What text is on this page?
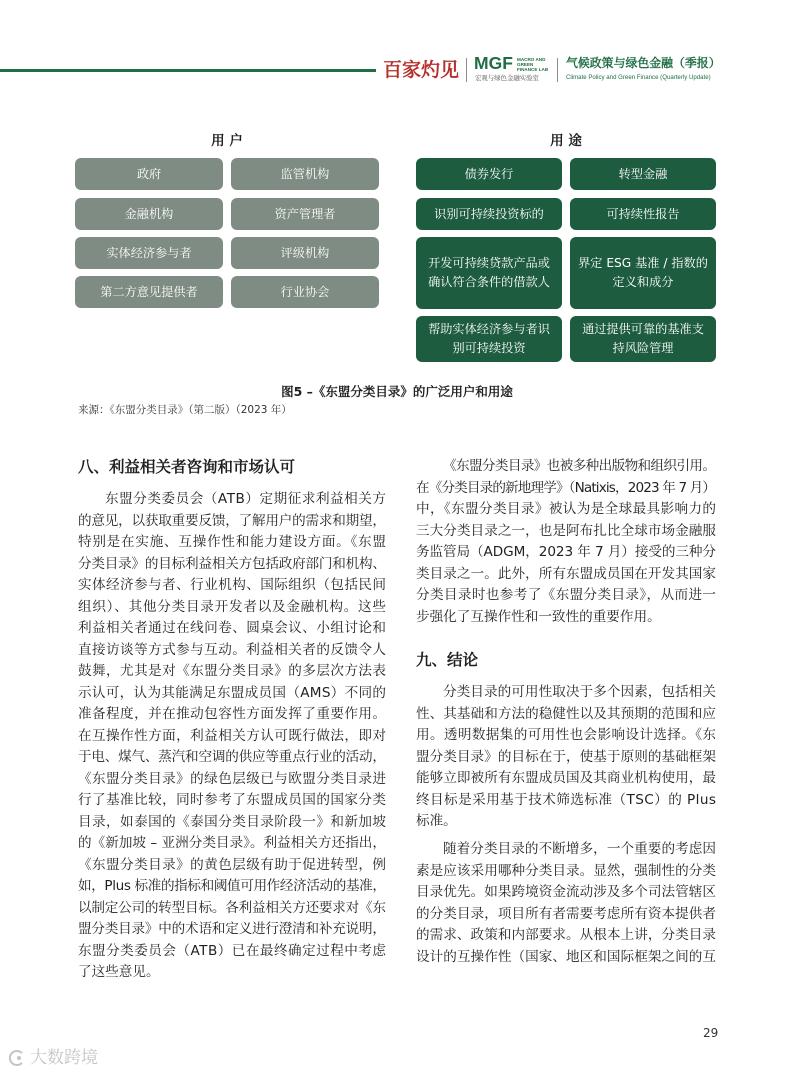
百家灼见 MGF MACRO AND
GREEN
FINANCE LAB
宏观与绿色金融实验室
气候政策与绿色金融（季报）
Climate Policy and Green Finance (Quarterly Update)
用 户	用 途
政府	监管机构
金融机构	资产管理者
实体经济参与者	评级机构
第二方意见提供者	行业协会
债券发行	转型金融
识别可持续投资标的	可持续性报告
开发可持续贷款产品或
确认符合条件的借款人
界定 ESG 基准 / 指数的
定义和成分
帮助实体经济参与者识
别可持续投资
通过提供可靠的基准支
持风险管理
图5 –《东盟分类目录》的广泛用户和用途
来源：《东盟分类目录》（第二版）（2023 年）
八、利益相关者咨询和市场认可
东盟分类委员会（ATB）定期征求利益相关方
的意见，以获取重要反馈，了解用户的需求和期望，
特别是在实施、互操作性和能力建设方面。《东盟
分类目录》的目标利益相关方包括政府部门和机构、
实体经济参与者、行业机构、国际组织（包括民间
组织）、其他分类目录开发者以及金融机构。这些
利益相关者通过在线问卷、圆桌会议、小组讨论和
直接访谈等方式参与互动。利益相关者的反馈令人
鼓舞，尤其是对《东盟分类目录》的多层次方法表
示认可，认为其能满足东盟成员国（AMS）不同的
准备程度，并在推动包容性方面发挥了重要作用。
在互操作性方面，利益相关方认可既行做法，即对
于电、煤气、蒸汽和空调的供应等重点行业的活动，
《东盟分类目录》的绿色层级已与欧盟分类目录进
行了基准比较，同时参考了东盟成员国的国家分类
目录，如泰国的《泰国分类目录阶段一》和新加坡
的《新加坡 – 亚洲分类目录》。利益相关方还指出，
《东盟分类目录》的黄色层级有助于促进转型，例
如，Plus 标准的指标和阈值可用作经济活动的基准，
以制定公司的转型目标。各利益相关方还要求对《东
盟分类目录》中的术语和定义进行澄清和补充说明，
东盟分类委员会（ATB）已在最终确定过程中考虑
了这些意见。
《东盟分类目录》也被多种出版物和组织引用。
在《分类目录的新地理学》（Natixis，2023 年 7 月）
中，《东盟分类目录》被认为是全球最具影响力的
三大分类目录之一，也是阿布扎比全球市场金融服
务监管局（ADGM，2023 年 7 月）接受的三种分
类目录之一。此外，所有东盟成员国在开发其国家
分类目录时也参考了《东盟分类目录》，从而进一
步强化了互操作性和一致性的重要作用。
九、结论
分类目录的可用性取决于多个因素，包括相关
性、其基础和方法的稳健性以及其预期的范围和应
用。透明数据集的可用性也会影响设计选择。《东
盟分类目录》的目标在于，使基于原则的基础框架
能够立即被所有东盟成员国及其商业机构使用，最
终目标是采用基于技术筛选标准（TSC）的 Plus
标准。
随着分类目录的不断增多，一个重要的考虑因
素是应该采用哪种分类目录。显然，强制性的分类
目录优先。如果跨境资金流动涉及多个司法管辖区
的分类目录，项目所有者需要考虑所有资本提供者
的需求、政策和内部要求。从根本上讲，分类目录
设计的互操作性（国家、地区和国际框架之间的互
29
大数跨境
